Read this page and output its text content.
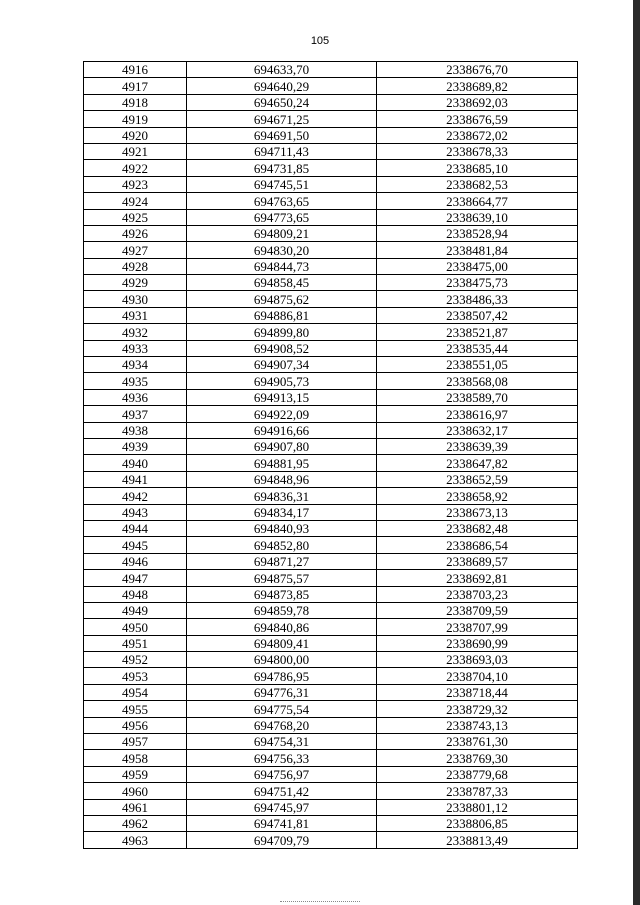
105
4916	694633,70	2338676,70
4917	694640,29	2338689,82
4918	694650,24	2338692,03
4919	694671,25	2338676,59
4920	694691,50	2338672,02
4921	694711,43	2338678,33
4922	694731,85	2338685,10
4923	694745,51	2338682,53
4924	694763,65	2338664,77
4925	694773,65	2338639,10
4926	694809,21	2338528,94
4927	694830,20	2338481,84
4928	694844,73	2338475,00
4929	694858,45	2338475,73
4930	694875,62	2338486,33
4931	694886,81	2338507,42
4932	694899,80	2338521,87
4933	694908,52	2338535,44
4934	694907,34	2338551,05
4935	694905,73	2338568,08
4936	694913,15	2338589,70
4937	694922,09	2338616,97
4938	694916,66	2338632,17
4939	694907,80	2338639,39
4940	694881,95	2338647,82
4941	694848,96	2338652,59
4942	694836,31	2338658,92
4943	694834,17	2338673,13
4944	694840,93	2338682,48
4945	694852,80	2338686,54
4946	694871,27	2338689,57
4947	694875,57	2338692,81
4948	694873,85	2338703,23
4949	694859,78	2338709,59
4950	694840,86	2338707,99
4951	694809,41	2338690,99
4952	694800,00	2338693,03
4953	694786,95	2338704,10
4954	694776,31	2338718,44
4955	694775,54	2338729,32
4956	694768,20	2338743,13
4957	694754,31	2338761,30
4958	694756,33	2338769,30
4959	694756,97	2338779,68
4960	694751,42	2338787,33
4961	694745,97	2338801,12
4962	694741,81	2338806,85
4963	694709,79	2338813,49
